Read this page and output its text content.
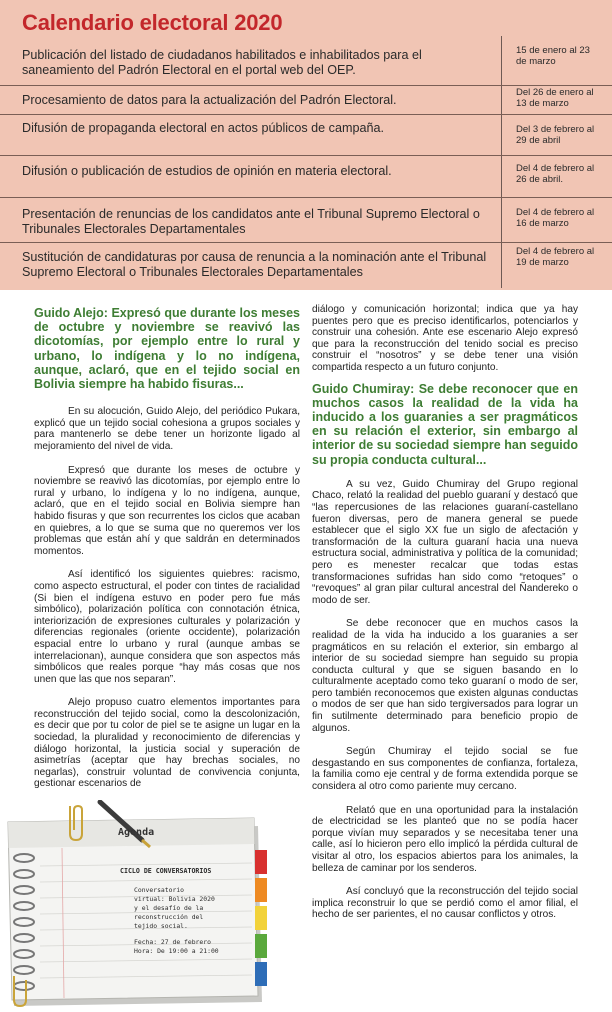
Calendario electoral 2020
Publicación del listado de ciudadanos habilitados e inhabilitados para el saneamiento del Padrón Electoral en el portal web del OEP.
15 de enero al 23 de marzo
Procesamiento de datos para la actualización del Padrón Electoral.
Del 26 de enero al 13 de marzo
Difusión de propaganda electoral en actos públicos de campaña.	Del 3 de febrero al 29 de abril
Difusión o publicación de estudios de opinión en materia electoral.	Del 4 de febrero al 26 de abril.
Presentación de renuncias de los candidatos ante el Tribunal Supremo Electoral o Tribunales Electorales Departamentales
Del 4 de febrero al 16 de marzo
Sustitución de candidaturas por causa de renuncia a la nominación ante el Tribunal Supremo Electoral o Tribunales Electorales Departamentales
Del 4 de febrero al 19 de marzo

Guido Alejo: Expresó que durante los meses de octubre y noviembre se reavivó las dicotomías, por ejemplo entre lo rural y urbano, lo indígena y lo no indígena, aunque, aclaró, que en el tejido social en Bolivia siempre ha habido fisuras...

En su alocución, Guido Alejo, del periódico Pukara, explicó que un tejido social cohesiona a grupos sociales y para mantenerlo se debe tener un horizonte ligado al mejoramiento del nivel de vida.

Expresó que durante los meses de octubre y noviembre se reavivó las dicotomías, por ejemplo entre lo rural y urbano, lo indígena y lo no indígena, aunque, aclaró, que en el tejido social en Bolivia siempre han habido fisuras y que son recurrentes los ciclos que acaban en quiebres, a lo que se suma que no queremos ver los problemas que están ahí y que saldrán en determinados momentos.

Así identificó los siguientes quiebres: racismo, como aspecto estructural, el poder con tintes de racialidad (Si bien el indígena estuvo en poder pero fue más simbólico), polarización política con connotación étnica, interiorización de expresiones culturales y polarización y diferencias regionales (oriente occidente), polarización espacial entre lo urbano y rural (aunque ambas se interrelacionan), aunque considera que son aspectos más simbólicos que reales porque “hay más cosas que nos unen que las que nos separan”.

Alejo propuso cuatro elementos importantes para reconstrucción del tejido social, como la descolonización, es decir que por tu color de piel se te asigne un lugar en la sociedad, la pluralidad y reconocimiento de diferencias y diálogo horizontal, la justicia social y superación de asimetrías (aceptar que hay brechas sociales, no negarlas), construir voluntad de convivencia conjunta, gestionar escenarios de

diálogo y comunicación horizontal; indica que ya hay puentes pero que es preciso identificarlos, potenciarlos y construir una cohesión. Ante ese escenario Alejo expresó que para la reconstrucción del tenido social es preciso construir el “nosotros” y se debe tener una visión compartida respecto a un futuro conjunto.

Guido Chumiray: Se debe reconocer que en muchos casos la realidad de la vida ha inducido a los guaranies a ser pragmáticos en su relación el exterior, sin embargo al interior de su sociedad siempre han seguido su propia conducta cultural...

A su vez, Guido Chumiray del Grupo regional Chaco, relató la realidad del pueblo guaraní y destacó que “las repercusiones de las relaciones guaraní-castellano fueron diversas, pero de manera general se puede establecer que el siglo XX fue un siglo de afectación y transformación de la cultura guaraní hacia una nueva estructura social, administrativa y política de la comunidad; pero es menester recalcar que todas estas transformaciones sufridas han sido como “retoques” o “revoques” al gran pilar cultural ancestral del Ñandereko o modo de ser.

Se debe reconocer que en muchos casos la realidad de la vida ha inducido a los guaranies a ser pragmáticos en su relación el exterior, sin embargo al interior de su sociedad siempre han seguido su propia conducta cultural y que se siguen basando en lo culturalmente aceptado como teko guaraní o modo de ser, pero también reconocemos que existen algunas conductas o modos de ser que han sido tergiversados para lograr un fin sutilmente determinado para beneficio propio de algunos.

Según Chumiray el tejido social se fue desgastando en sus componentes de confianza, fortaleza, la familia como eje central y de forma extendida porque se considera al otro como pariente muy cercano.

Relató que en una oportunidad para la instalación de electricidad se les planteó que no se podía hacer porque vivían muy separados y se necesitaba tener una calle, así lo hicieron pero ello implicó la pérdida cultural de visitar al otro, los espacios abiertos para los animales, la belleza de caminar por los senderos.

Así concluyó que la reconstrucción del tejido social implica reconstruir lo que se perdió como el amor filial, el hecho de ser parientes, el no causar conflictos y otros.

Agenda
CICLO DE CONVERSATORIOS
Conversatorio
virtual: Bolivia 2020
y el desafío de la
reconstrucción del
tejido social.
Fecha: 27 de febrero
Hora: De 19:00 a 21:00
